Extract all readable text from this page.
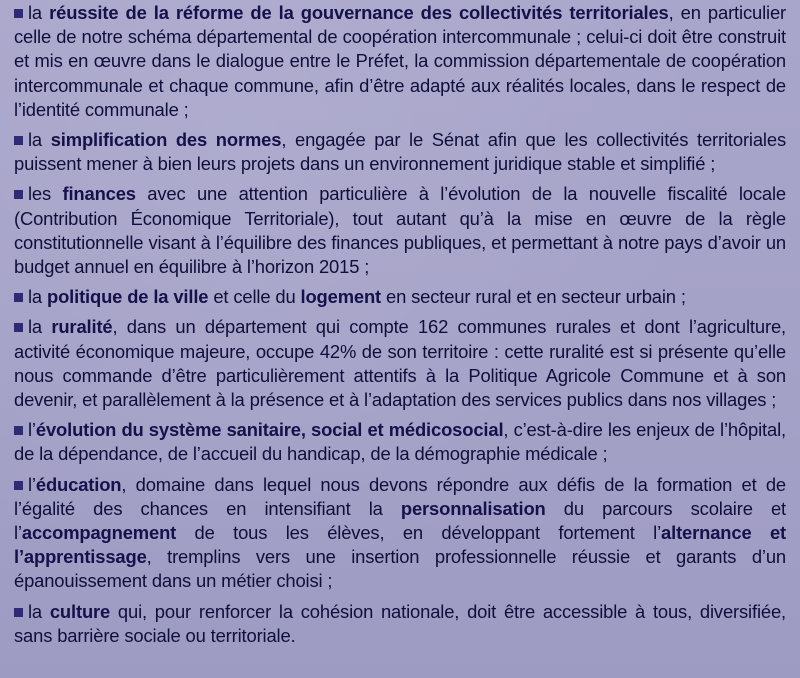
la réussite de la réforme de la gouvernance des collectivités territoriales, en particulier celle de notre schéma départemental de coopération intercommunale ; celui-ci doit être construit et mis en œuvre dans le dialogue entre le Préfet, la commission départementale de coopération intercommunale et chaque commune, afin d’être adapté aux réalités locales, dans le respect de l’identité communale ;

la simplification des normes, engagée par le Sénat afin que les collectivités territoriales puissent mener à bien leurs projets dans un environnement juridique stable et simplifié ;

les finances avec une attention particulière à l’évolution de la nouvelle fiscalité locale (Contribution Économique Territoriale), tout autant qu’à la mise en œuvre de la règle constitutionnelle visant à l’équilibre des finances publiques, et permettant à notre pays d’avoir un budget annuel en équilibre à l’horizon 2015 ;

la politique de la ville et celle du logement en secteur rural et en secteur urbain ;

la ruralité, dans un département qui compte 162 communes rurales et dont l’agriculture, activité économique majeure, occupe 42% de son territoire : cette ruralité est si présente qu’elle nous commande d’être particulièrement attentifs à la Politique Agricole Commune et à son devenir, et parallèlement à la présence et à l’adaptation des services publics dans nos villages ;

l’évolution du système sanitaire, social et médicosocial, c’est-à-dire les enjeux de l’hôpital, de la dépendance, de l’accueil du handicap, de la démographie médicale ;

l’éducation, domaine dans lequel nous devons répondre aux défis de la formation et de l’égalité des chances en intensifiant la personnalisation du parcours scolaire et l’accompagnement de tous les élèves, en développant fortement l’alternance et l’apprentissage, tremplins vers une insertion professionnelle réussie et garants d’un épanouissement dans un métier choisi ;

la culture qui, pour renforcer la cohésion nationale, doit être accessible à tous, diversifiée, sans barrière sociale ou territoriale.
